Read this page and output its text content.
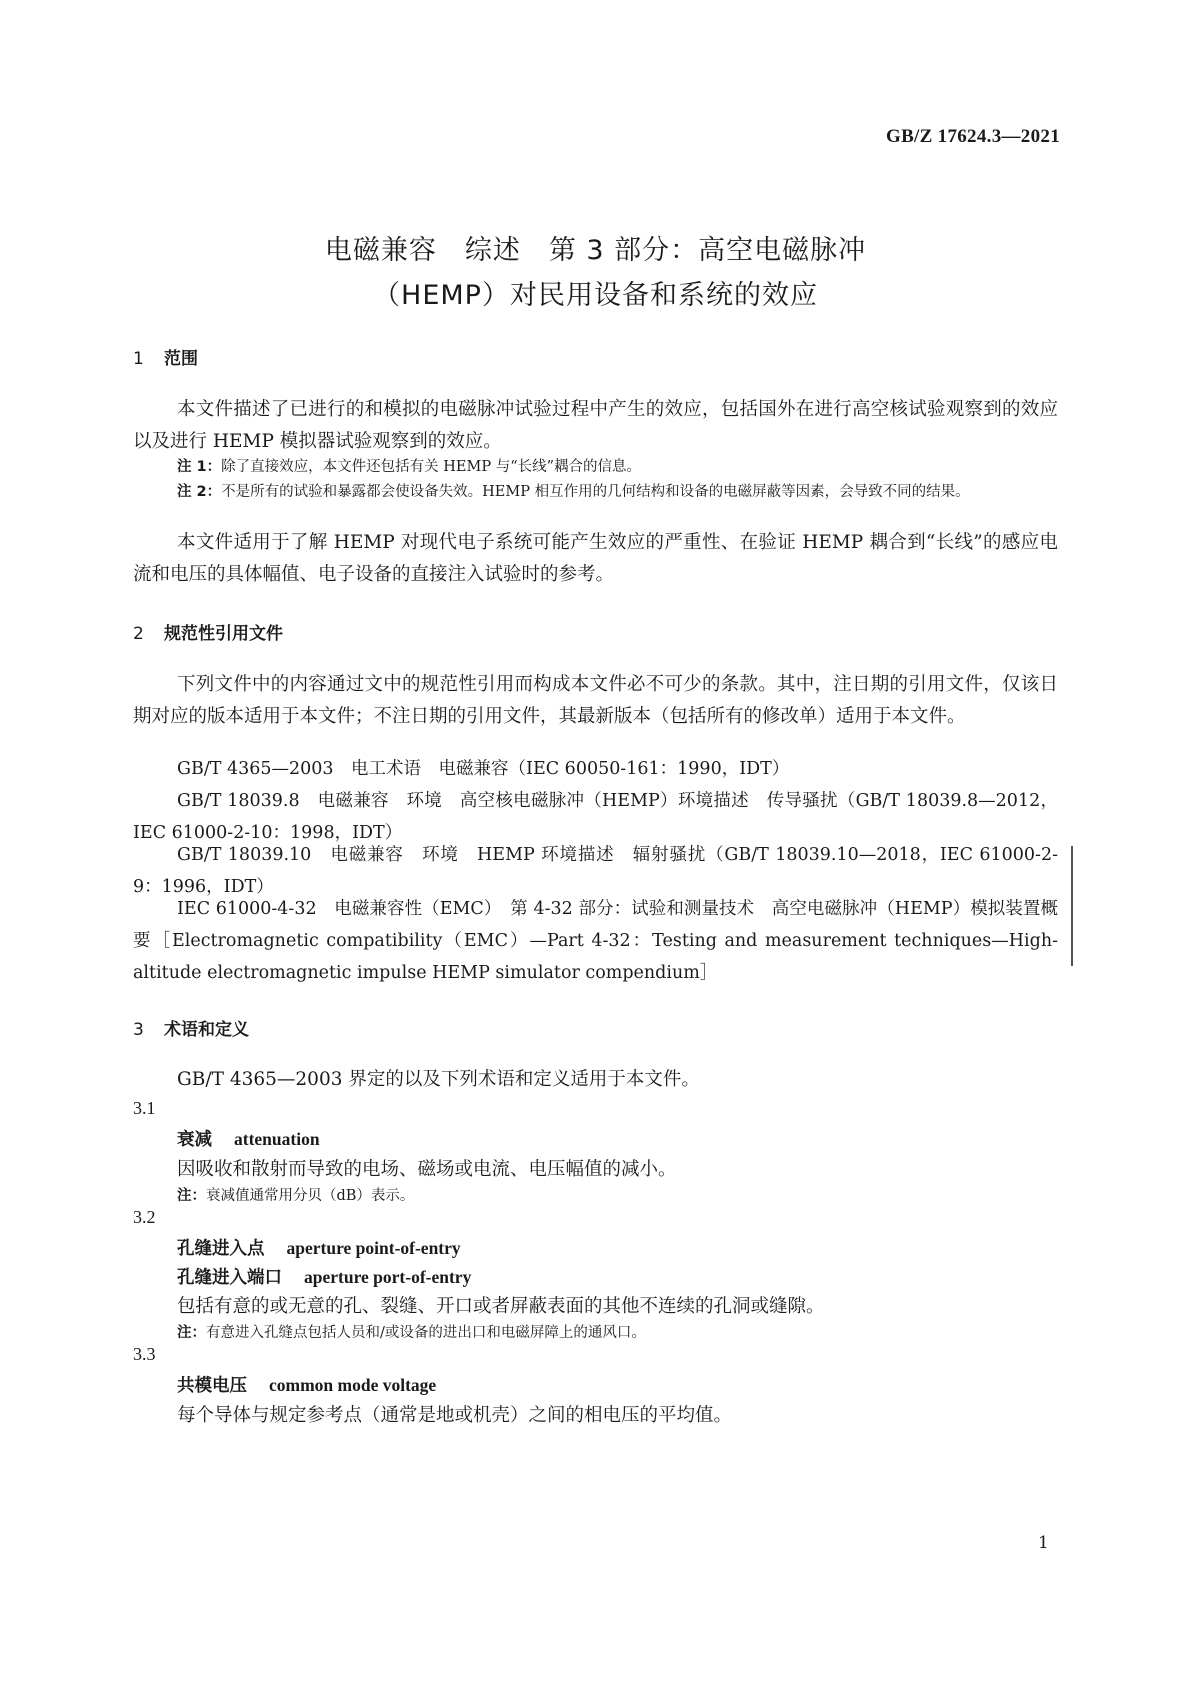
GB/Z 17624.3—2021
电磁兼容　综述　第 3 部分：高空电磁脉冲
（HEMP）对民用设备和系统的效应
1 范围

本文件描述了已进行的和模拟的电磁脉冲试验过程中产生的效应，包括国外在进行高空核试验观察到的效应以及进行 HEMP 模拟器试验观察到的效应。

注 1：除了直接效应，本文件还包括有关 HEMP 与“长线”耦合的信息。
注 2：不是所有的试验和暴露都会使设备失效。HEMP 相互作用的几何结构和设备的电磁屏蔽等因素，会导致不同的结果。

本文件适用于了解 HEMP 对现代电子系统可能产生效应的严重性、在验证 HEMP 耦合到“长线”的感应电流和电压的具体幅值、电子设备的直接注入试验时的参考。

2 规范性引用文件

下列文件中的内容通过文中的规范性引用而构成本文件必不可少的条款。其中，注日期的引用文件，仅该日期对应的版本适用于本文件；不注日期的引用文件，其最新版本（包括所有的修改单）适用于本文件。

GB/T 4365—2003　电工术语　电磁兼容（IEC 60050-161：1990，IDT）

GB/T 18039.8　电磁兼容　环境　高空核电磁脉冲（HEMP）环境描述　传导骚扰（GB/T 18039.8—2012，IEC 61000-2-10：1998，IDT）

GB/T 18039.10　电磁兼容　环境　HEMP 环境描述　辐射骚扰（GB/T 18039.10—2018，IEC 61000-2-9：1996，IDT）

IEC 61000-4-32　电磁兼容性（EMC）　第 4-32 部分：试验和测量技术　高空电磁脉冲（HEMP）模拟装置概要［Electromagnetic compatibility（EMC）—Part 4-32：Testing and measurement techniques—High-altitude electromagnetic impulse HEMP simulator compendium］

3 术语和定义

GB/T 4365—2003 界定的以及下列术语和定义适用于本文件。

3.1
衰减 attenuation
因吸收和散射而导致的电场、磁场或电流、电压幅值的减小。
注：衰减值通常用分贝（dB）表示。
3.2
孔缝进入点 aperture point-of-entry
孔缝进入端口 aperture port-of-entry
包括有意的或无意的孔、裂缝、开口或者屏蔽表面的其他不连续的孔洞或缝隙。
注：有意进入孔缝点包括人员和/或设备的进出口和电磁屏障上的通风口。
3.3
共模电压 common mode voltage
每个导体与规定参考点（通常是地或机壳）之间的相电压的平均值。
1
